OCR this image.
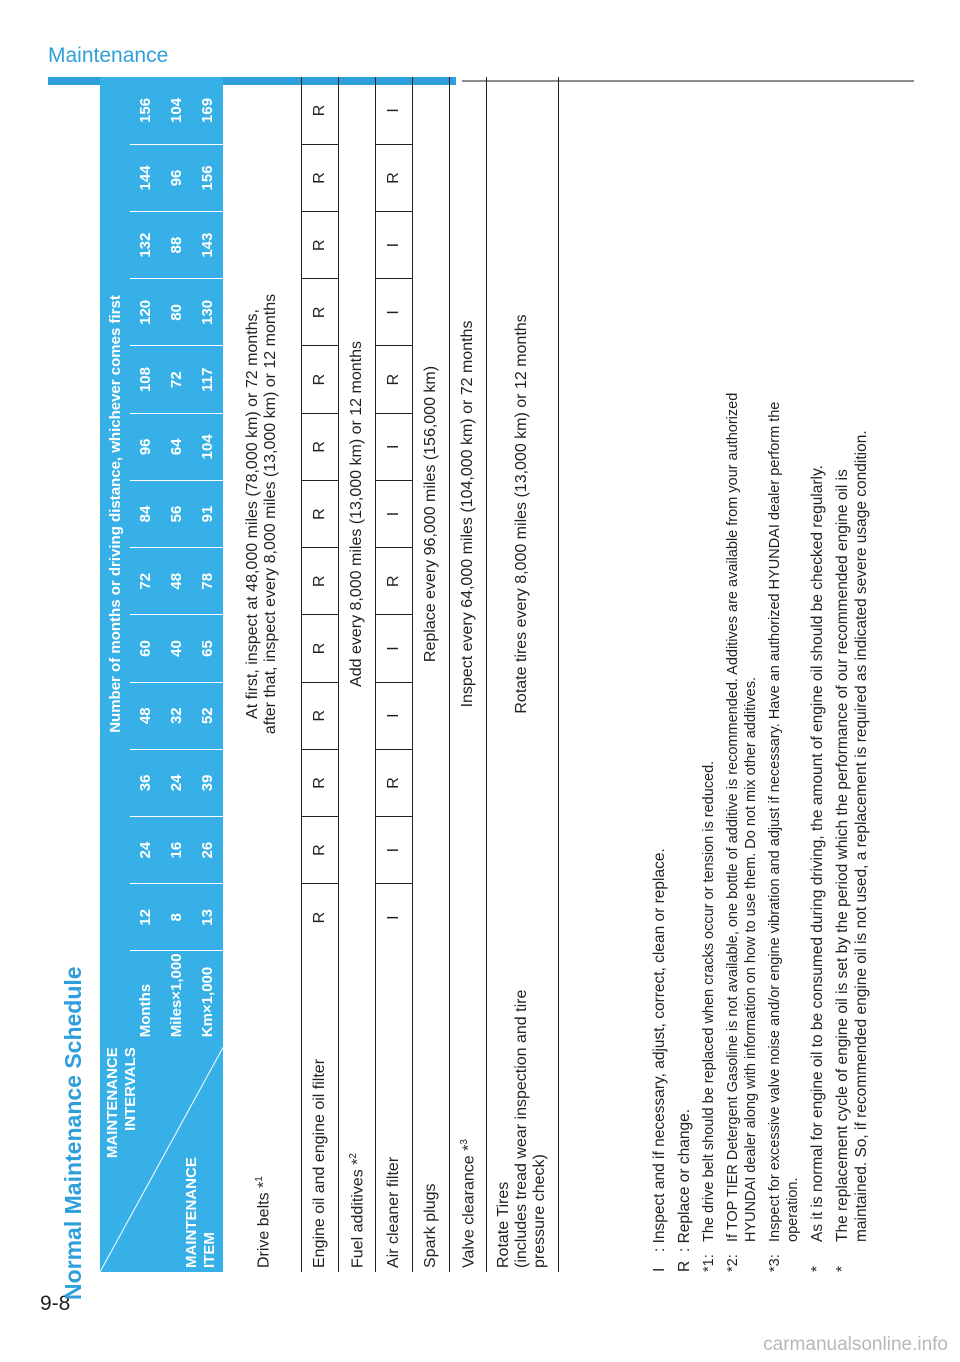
Maintenance
9-8
carmanualsonline.info
Normal Maintenance Schedule MAINTENANCE INTERVALS
MAINTENANCE ITEM		Number of months or driving distance, whichever comes first												
	Months	12	24	36	48	60	72	84	96	108	120	132	144	156
	Miles×1,000	8	16	24	32	40	48	56	64	72	80	88	96	104
	Km×1,000	13	26	39	52	65	78	91	104	117	130	143	156	169
Drive belts *$^1$		At first, inspect at 48,000 miles (78,000 km) or 72 months, after that, inspect every 8,000 miles (13,000 km) or 12 months												

Engine oil and engine oil filter		R	R	R	R	R	R	R	R	R	R	R	R	R
Fuel additives *$^2$		Add every 8,000 miles (13,000 km) or 12 months												
Air cleaner filter		I	I	R	I	I	R	I	I	R	I	I	R	I
Spark plugs		Replace every 96,000 miles (156,000 km)												
Valve clearance *$^3$		Inspect every 64,000 miles (104,000 km) or 72 months												

Rotate Tires (includes tread wear inspection and tire pressure check)		Rotate tires every 8,000 miles (13,000 km) or 12 months												
I
: Inspect and if necessary, adjust, correct, clean or replace.
R
: Replace or change.
*1:
The drive belt should be replaced when cracks occur or tension is reduced.
*2:
If TOP TIER Detergent Gasoline is not available, one bottle of additive is recommended. Additives are available from your authorized HYUNDAI dealer along with information on how to use them. Do not mix other additives.
*3:
Inspect for excessive valve noise and/or engine vibration and adjust if necessary. Have an authorized HYUNDAI dealer perform the operation.
*
As it is normal for engine oil to be consumed during driving, the amount of engine oil should be checked regularly.
*
The replacement cycle of engine oil is set by the period which the performance of our recommended engine oil is maintained. So, if recommended engine oil is not used, a replacement is required as indicated severe usage condition.
